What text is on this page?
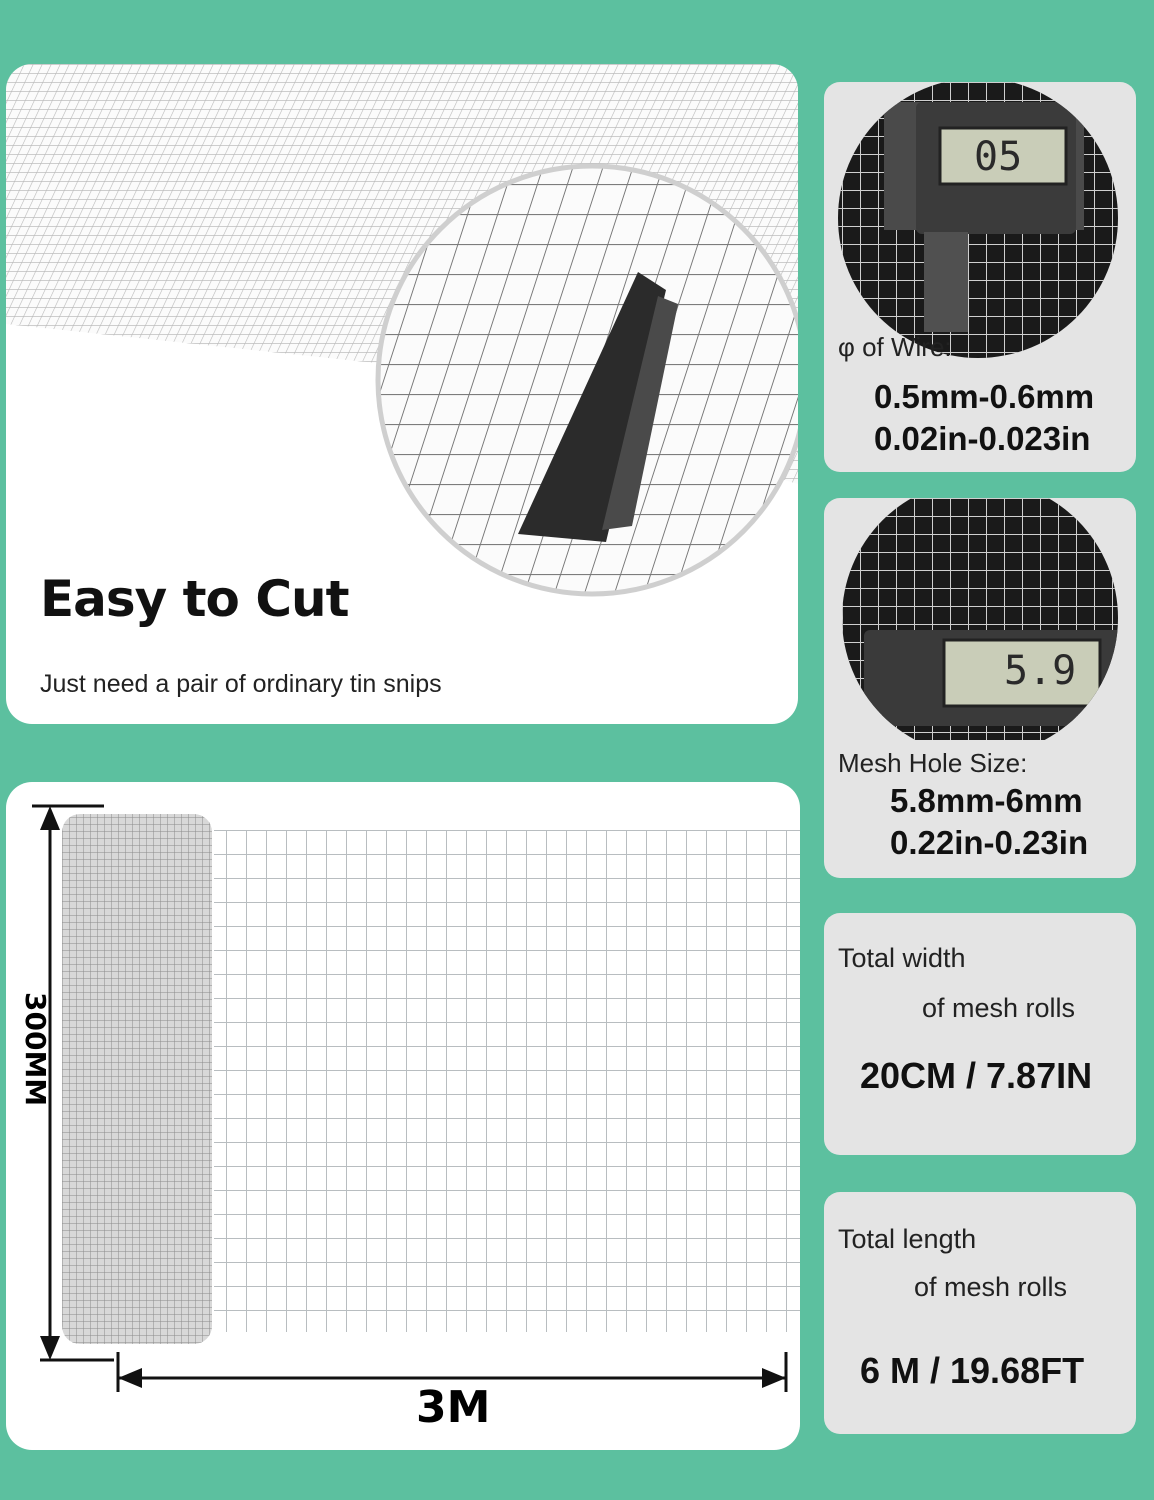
Easy to Cut
Just need a pair of ordinary tin snips
300MM
3M
05
φ of Wire:
0.5mm-0.6mm
0.02in-0.023in
5.9
Mesh Hole Size:
5.8mm-6mm
0.22in-0.23in
Total width
of mesh rolls
20CM / 7.87IN
Total length
of mesh rolls
6 M / 19.68FT
